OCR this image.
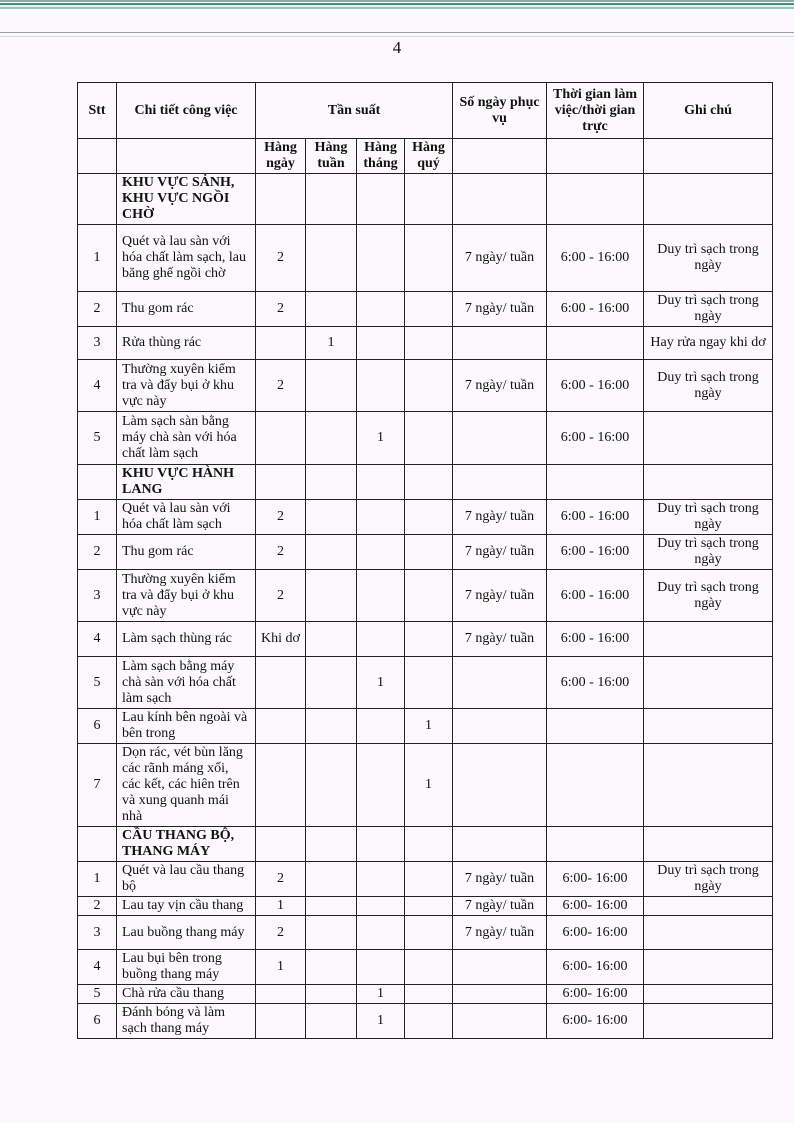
4
Stt	Chi tiết công việc	Tần suất				Số ngày phục vụ	Thời gian làm việc/thời gian trực	Ghi chú
		Hàng ngày	Hàng tuần	Hàng tháng	Hàng quý			
	KHU VỰC SẢNH, KHU VỰC NGỒI CHỜ							
1	Quét và lau sàn với hóa chất làm sạch, lau băng ghế ngồi chờ	2				7 ngày/ tuần	6:00 - 16:00	Duy trì sạch trong ngày
2	Thu gom rác	2				7 ngày/ tuần	6:00 - 16:00	Duy trì sạch trong ngày
3	Rửa thùng rác		1					Hay rửa ngay khi dơ
4	Thường xuyên kiểm tra và đẩy bụi ở khu vực này	2				7 ngày/ tuần	6:00 - 16:00	Duy trì sạch trong ngày
5	Làm sạch sàn bằng máy chà sàn với hóa chất làm sạch			1			6:00 - 16:00	
	KHU VỰC HÀNH LANG							
1	Quét và lau sàn với hóa chất làm sạch	2				7 ngày/ tuần	6:00 - 16:00	Duy trì sạch trong ngày
2	Thu gom rác	2				7 ngày/ tuần	6:00 - 16:00	Duy trì sạch trong ngày
3	Thường xuyên kiểm tra và đẩy bụi ở khu vực này	2				7 ngày/ tuần	6:00 - 16:00	Duy trì sạch trong ngày
4	Làm sạch thùng rác	Khi dơ				7 ngày/ tuần	6:00 - 16:00	
5	Làm sạch bằng máy chà sàn với hóa chất làm sạch			1			6:00 - 16:00	
6	Lau kính bên ngoài và bên trong				1			
7	Dọn rác, vét bùn lăng các rãnh máng xối, các kết, các hiên trên và xung quanh mái nhà				1			
	CẦU THANG BỘ, THANG MÁY							
1	Quét và lau cầu thang bộ	2				7 ngày/ tuần	6:00- 16:00	Duy trì sạch trong ngày
2	Lau tay vịn cầu thang	1				7 ngày/ tuần	6:00- 16:00	
3	Lau buồng thang máy	2				7 ngày/ tuần	6:00- 16:00	
4	Lau bụi bên trong buồng thang máy	1					6:00- 16:00	
5	Chà rửa cầu thang			1			6:00- 16:00	
6	Đánh bóng và làm sạch thang máy			1			6:00- 16:00	
